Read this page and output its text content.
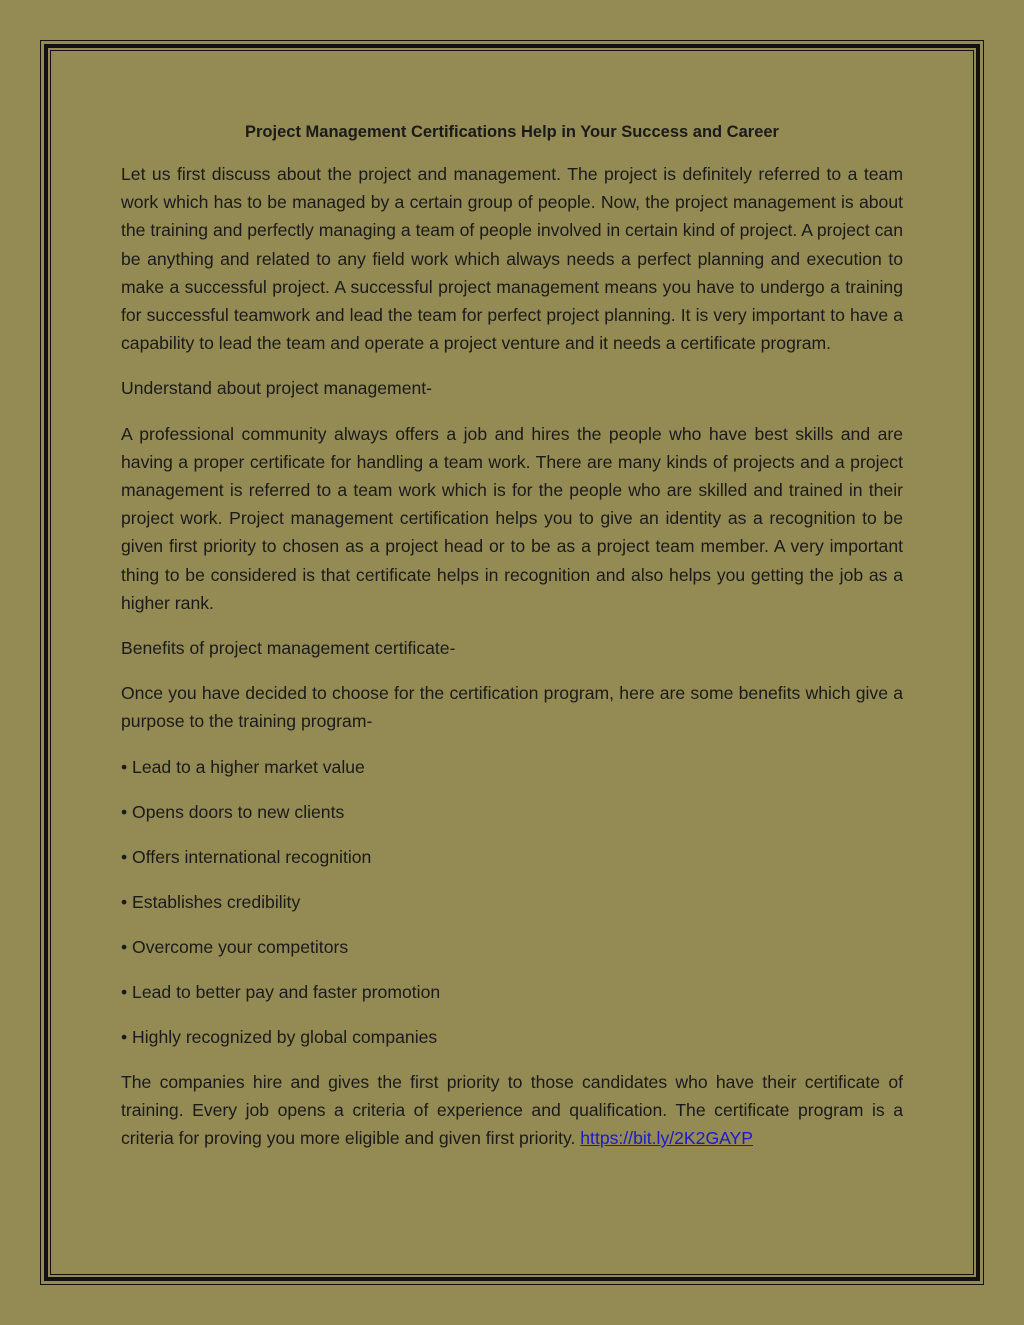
Project Management Certifications Help in Your Success and Career

Let us first discuss about the project and management. The project is definitely referred to a team work which has to be managed by a certain group of people. Now, the project management is about the training and perfectly managing a team of people involved in certain kind of project. A project can be anything and related to any field work which always needs a perfect planning and execution to make a successful project. A successful project management means you have to undergo a training for successful teamwork and lead the team for perfect project planning. It is very important to have a capability to lead the team and operate a project venture and it needs a certificate program.

Understand about project management-

A professional community always offers a job and hires the people who have best skills and are having a proper certificate for handling a team work. There are many kinds of projects and a project management is referred to a team work which is for the people who are skilled and trained in their project work. Project management certification helps you to give an identity as a recognition to be given first priority to chosen as a project head or to be as a project team member. A very important thing to be considered is that certificate helps in recognition and also helps you getting the job as a higher rank.

Benefits of project management certificate-

Once you have decided to choose for the certification program, here are some benefits which give a purpose to the training program-

• Lead to a higher market value
• Opens doors to new clients
• Offers international recognition
• Establishes credibility
• Overcome your competitors
• Lead to better pay and faster promotion
• Highly recognized by global companies

The companies hire and gives the first priority to those candidates who have their certificate of training. Every job opens a criteria of experience and qualification. The certificate program is a criteria for proving you more eligible and given first priority. https://bit.ly/2K2GAYP
